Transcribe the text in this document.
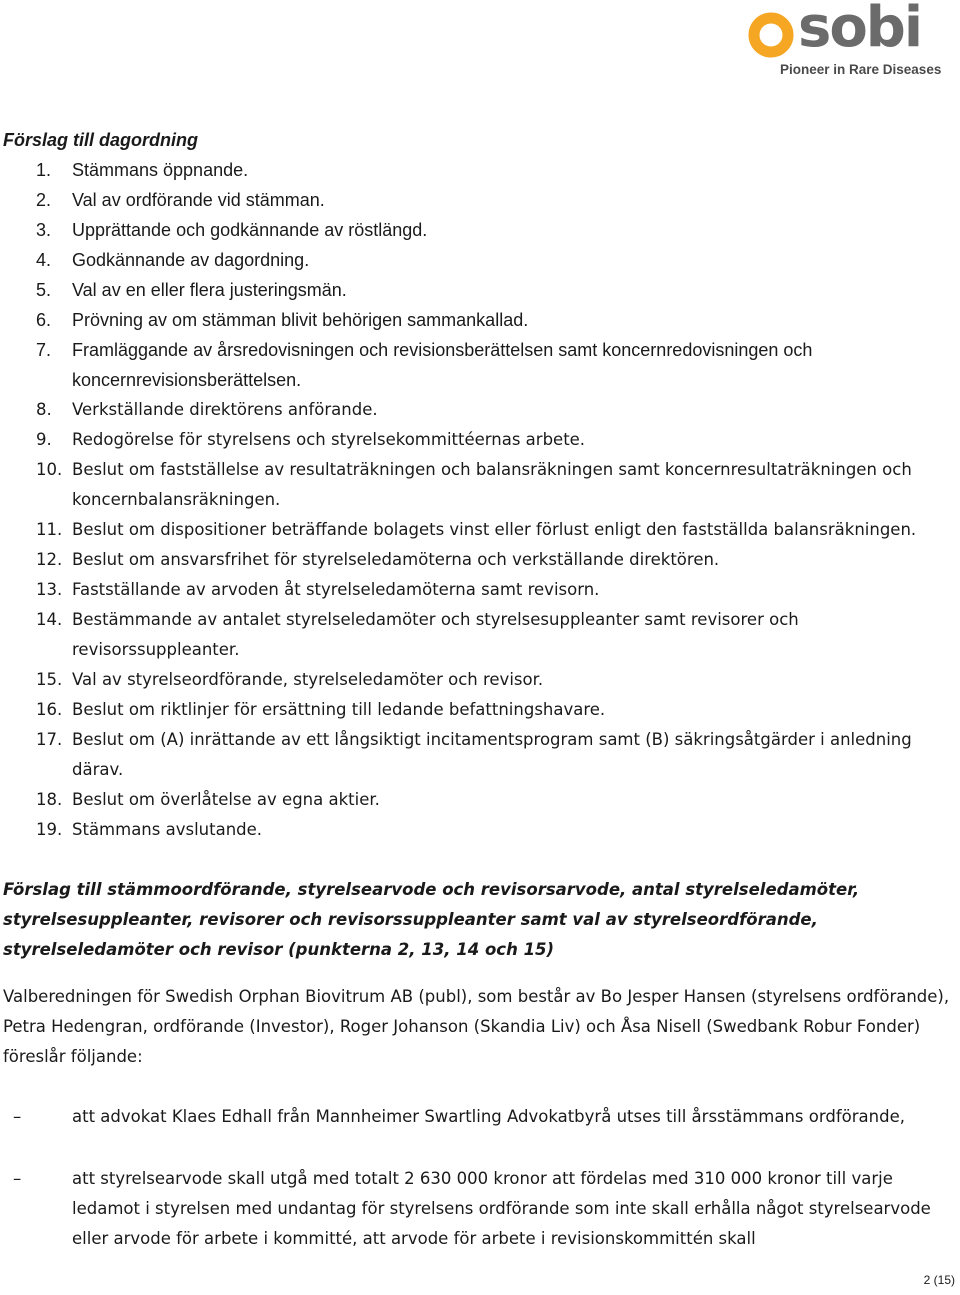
sobi
Pioneer in Rare Diseases

Förslag till dagordning

1. Stämmans öppnande.
2. Val av ordförande vid stämman.
3. Upprättande och godkännande av röstlängd.
4. Godkännande av dagordning.
5. Val av en eller flera justeringsmän.
6. Prövning av om stämman blivit behörigen sammankallad.
7. Framläggande av årsredovisningen och revisionsberättelsen samt koncernredovisningen och koncernrevisionsberättelsen.
8. Verkställande direktörens anförande.
9. Redogörelse för styrelsens och styrelsekommittéernas arbete.
10. Beslut om fastställelse av resultaträkningen och balansräkningen samt koncernresultaträkningen och koncernbalansräkningen.
11. Beslut om dispositioner beträffande bolagets vinst eller förlust enligt den fastställda balansräkningen.
12. Beslut om ansvarsfrihet för styrelseledamöterna och verkställande direktören.
13. Fastställande av arvoden åt styrelseledamöterna samt revisorn.
14. Bestämmande av antalet styrelseledamöter och styrelsesuppleanter samt revisorer och revisorssuppleanter.
15. Val av styrelseordförande, styrelseledamöter och revisor.
16. Beslut om riktlinjer för ersättning till ledande befattningshavare.
17. Beslut om (A) inrättande av ett långsiktigt incitamentsprogram samt (B) säkringsåtgärder i anledning därav.
18. Beslut om överlåtelse av egna aktier.
19. Stämmans avslutande.

Förslag till stämmoordförande, styrelsearvode och revisorsarvode, antal styrelseledamöter, styrelsesuppleanter, revisorer och revisorssuppleanter samt val av styrelseordförande, styrelseledamöter och revisor (punkterna 2, 13, 14 och 15)

Valberedningen för Swedish Orphan Biovitrum AB (publ), som består av Bo Jesper Hansen (styrelsens ordförande), Petra Hedengran, ordförande (Investor), Roger Johanson (Skandia Liv) och Åsa Nisell (Swedbank Robur Fonder) föreslår följande:

–	att advokat Klaes Edhall från Mannheimer Swartling Advokatbyrå utses till årsstämmans ordförande,
–	att styrelsearvode skall utgå med totalt 2 630 000 kronor att fördelas med 310 000 kronor till varje ledamot i styrelsen med undantag för styrelsens ordförande som inte skall erhålla något styrelsearvode eller arvode för arbete i kommitté, att arvode för arbete i revisionskommittén skall
2 (15)
